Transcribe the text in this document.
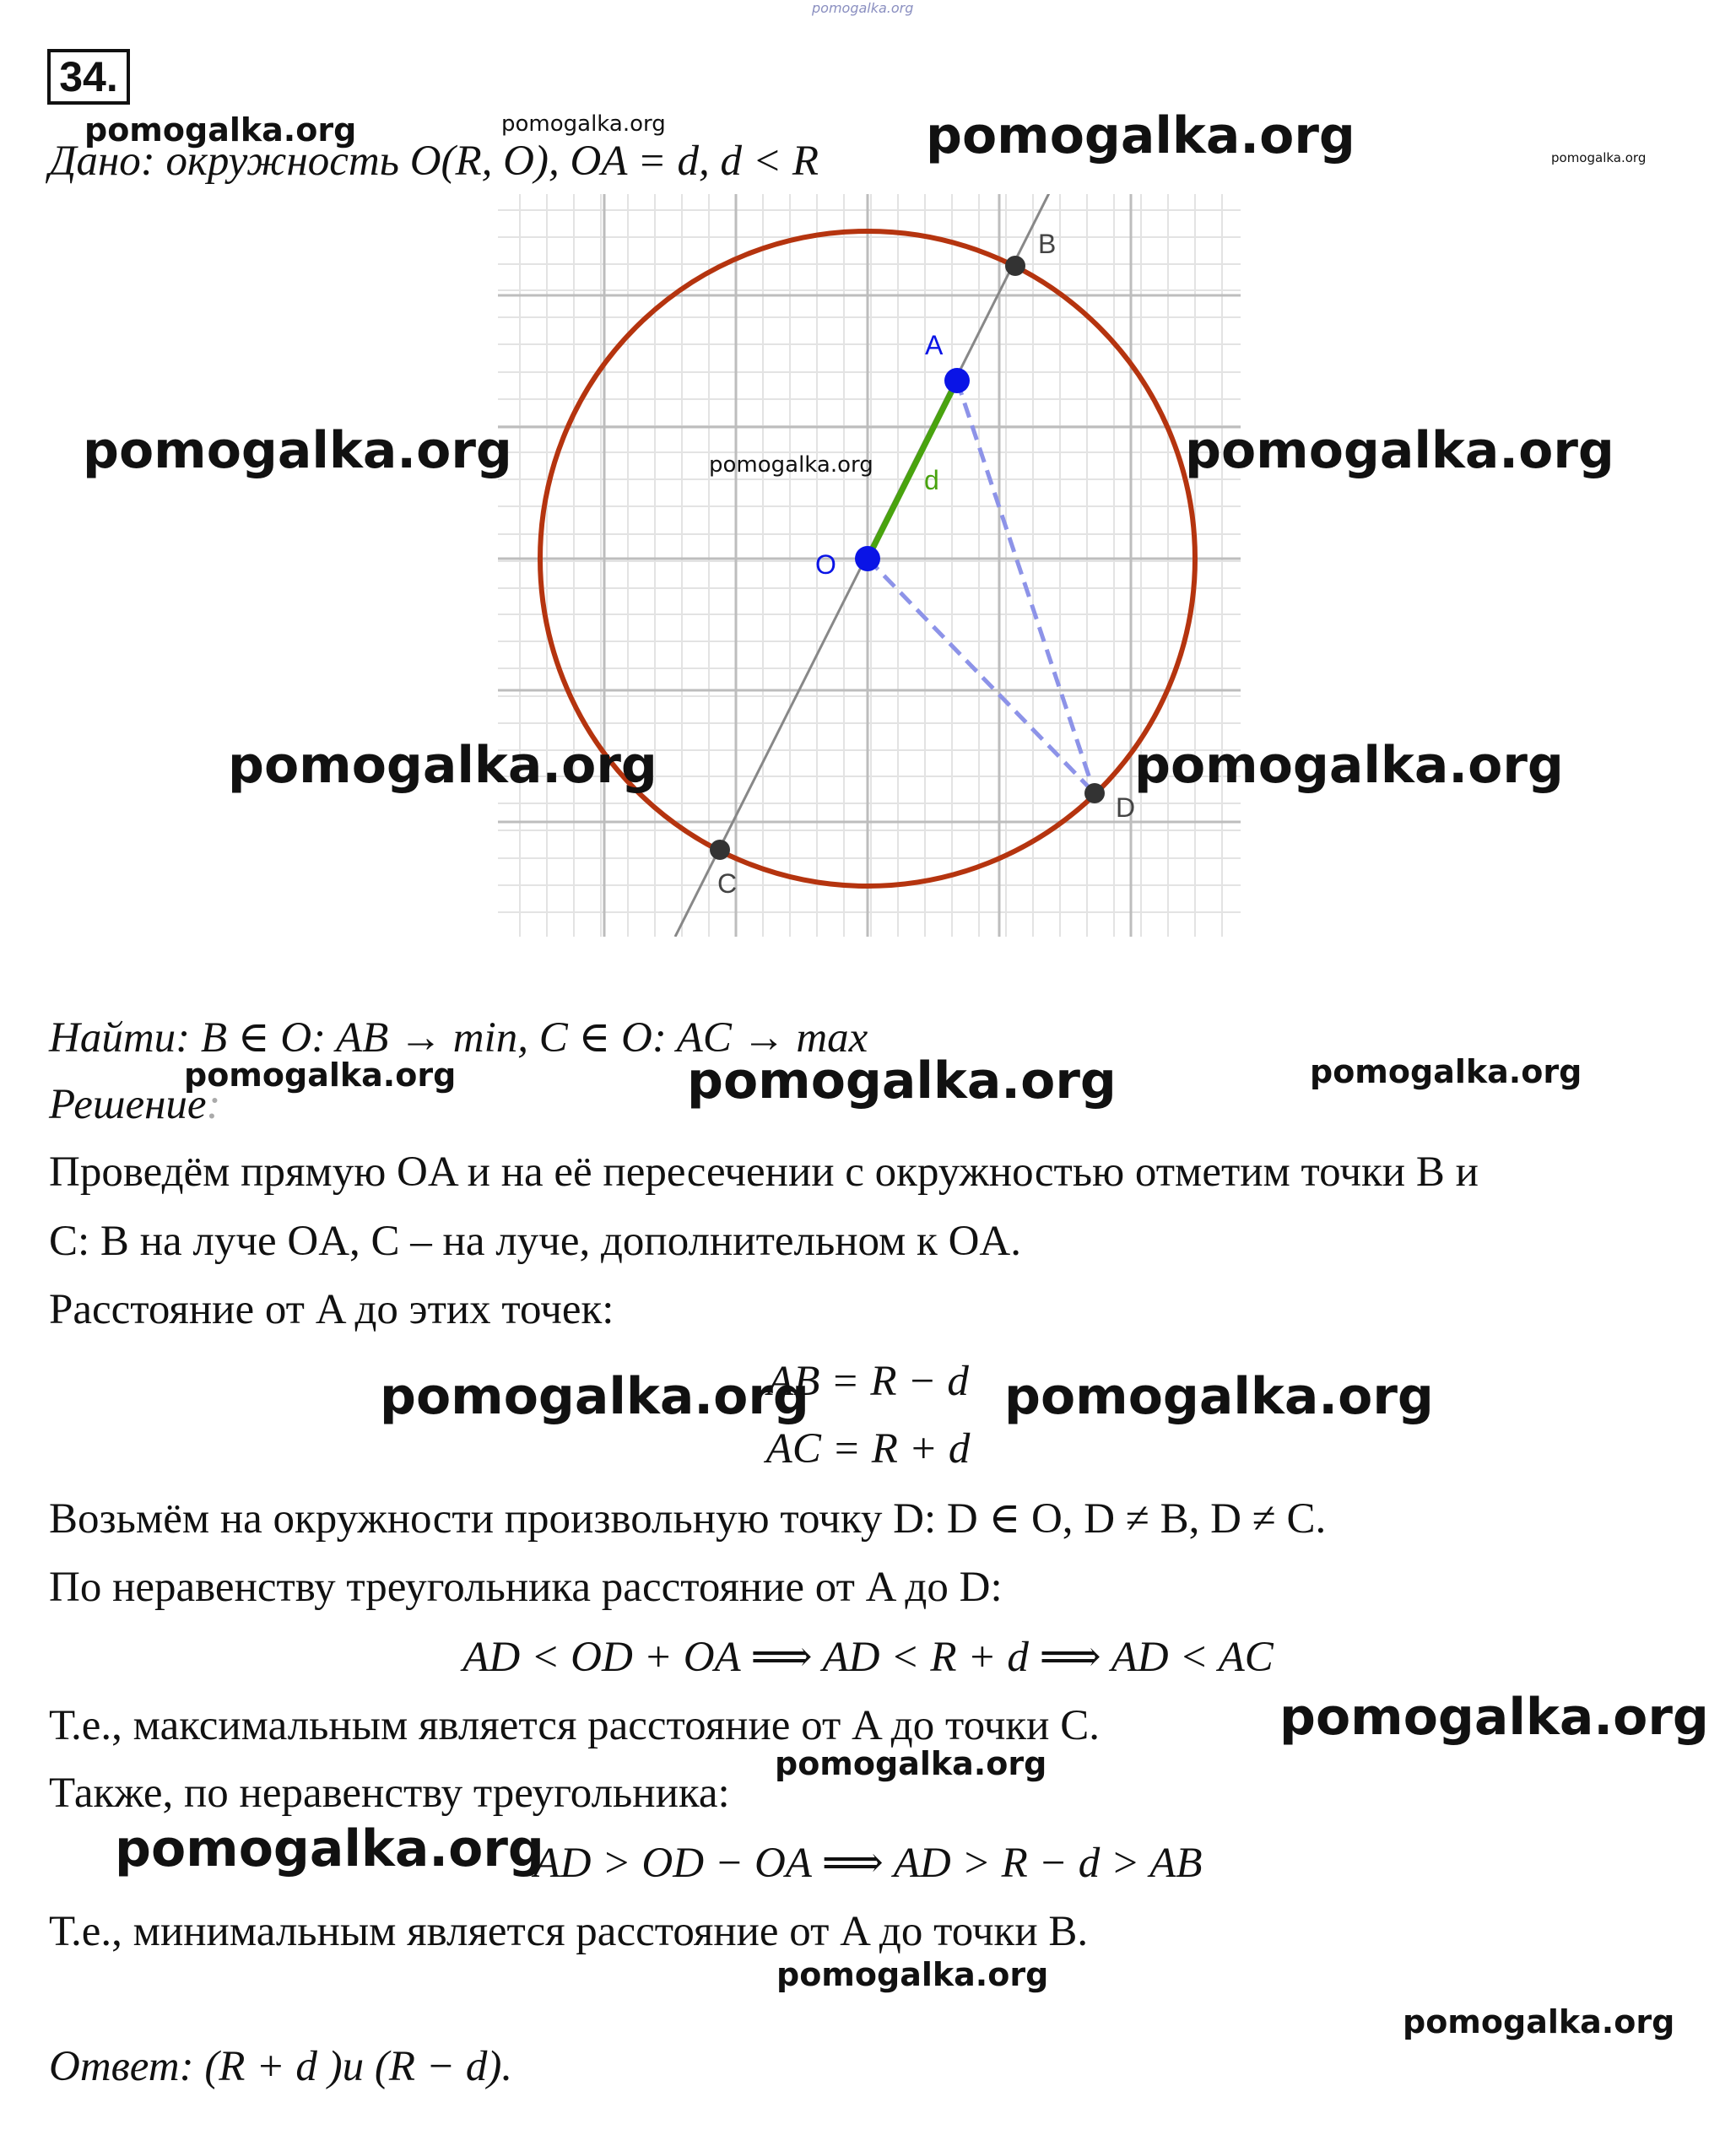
pomogalka.org
34.
Дано: окружность O(R, O), OA = d, d < R
pomogalka.org	pomogalka.org	pomogalka.org	pomogalka.org
B
A
O
D
C
d
pomogalka.org	pomogalka.org	pomogalka.org
pomogalka.org	pomogalka.org
Найти: B ∈ O: AB → min, C ∈ O: AC → max
pomogalka.org	pomogalka.org	pomogalka.org
Решение:
Проведём прямую OA и на её пересечении с окружностью отметим точки B и
C: B на луче OA, C – на луче, дополнительном к OA.
Расстояние от A до этих точек:
AB = R − d
AC = R + d
pomogalka.org	pomogalka.org
Возьмём на окружности произвольную точку D: D ∈ O, D ≠ B, D ≠ C.
По неравенству треугольника расстояние от A до D:
AD < OD + OA ⟹ AD < R + d ⟹ AD < AC
Т.е., максимальным является расстояние от A до точки C.	pomogalka.org
pomogalka.org
Также, по неравенству треугольника:
AD > OD − OA ⟹ AD > R − d > AB
pomogalka.org
Т.е., минимальным является расстояние от A до точки B.
pomogalka.org
pomogalka.org
Ответ: (R + d )и (R − d).
